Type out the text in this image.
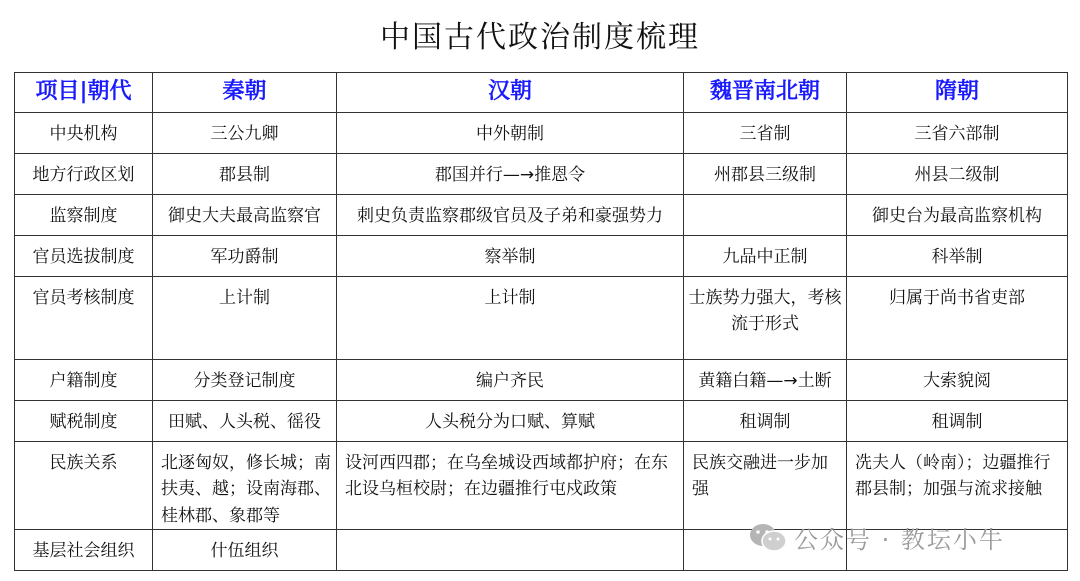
中国古代政治制度梳理
项目|朝代	秦朝	汉朝	魏晋南北朝	隋朝
中央机构	三公九卿	中外朝制	三省制	三省六部制
地方行政区划	郡县制	郡国并行—→推恩令	州郡县三级制	州县二级制
监察制度	御史大夫最高监察官	刺史负责监察郡级官员及子弟和豪强势力		御史台为最高监察机构
官员选拔制度	军功爵制	察举制	九品中正制	科举制
官员考核制度	上计制	上计制	士族势力强大，考核流于形式	归属于尚书省吏部
户籍制度	分类登记制度	编户齐民	黄籍白籍—→土断	大索貌阅
赋税制度	田赋、人头税、徭役	人头税分为口赋、算赋	租调制	租调制
民族关系	北逐匈奴，修长城；南扶夷、越；设南海郡、桂林郡、象郡等	设河西四郡；在乌垒城设西域都护府；在东北设乌桓校尉；在边疆推行屯戍政策	民族交融进一步加强	冼夫人（岭南）；边疆推行郡县制；加强与流求接触
基层社会组织	什伍组织				公众号 · 教坛小牛
